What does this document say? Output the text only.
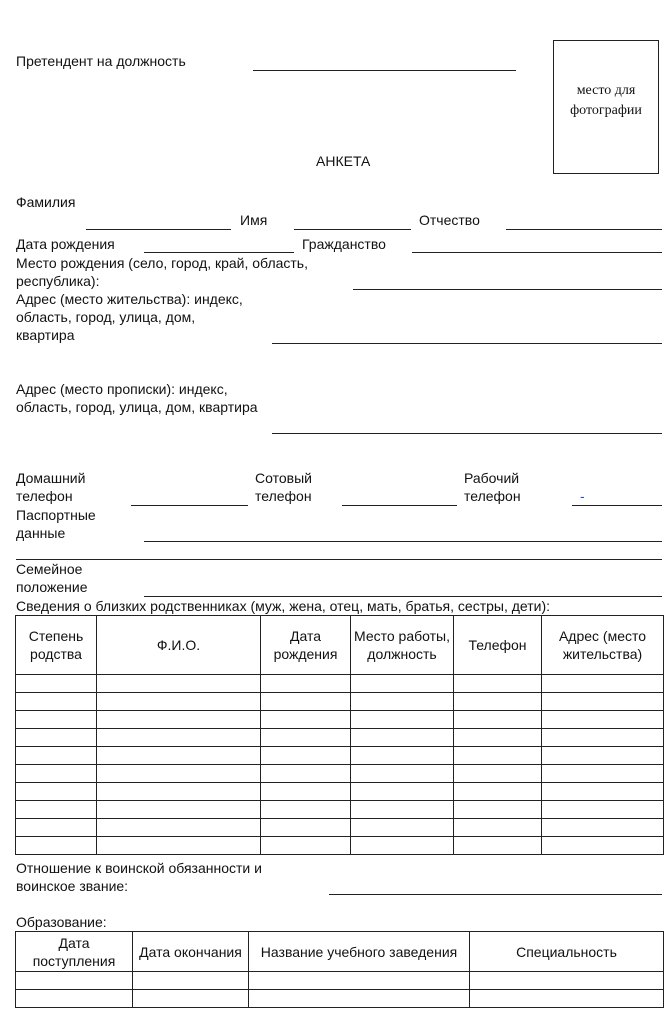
Претендент на должность
место для фотографии
АНКЕТА
Фамилия
Имя	Отчество
Дата рождения	Гражданство
Место рождения (село, город, край, область, республика):
Адрес (место жительства): индекс, область, город, улица, дом, квартира
Адрес (место прописки): индекс, область, город, улица, дом, квартира
Домашний телефон
Сотовый телефон
Рабочий телефон	-
Паспортные данные
Семейное положение
Сведения о близких родственниках (муж, жена, отец, мать, братья, сестры, дети):
Степень родства	Ф.И.О.	Дата рождения	Место работы, должность	Телефон	Адрес (место жительства)

Отношение к воинской обязанности и воинское звание:
Образование:
Дата поступления	Дата окончания	Название учебного заведения	Специальность
